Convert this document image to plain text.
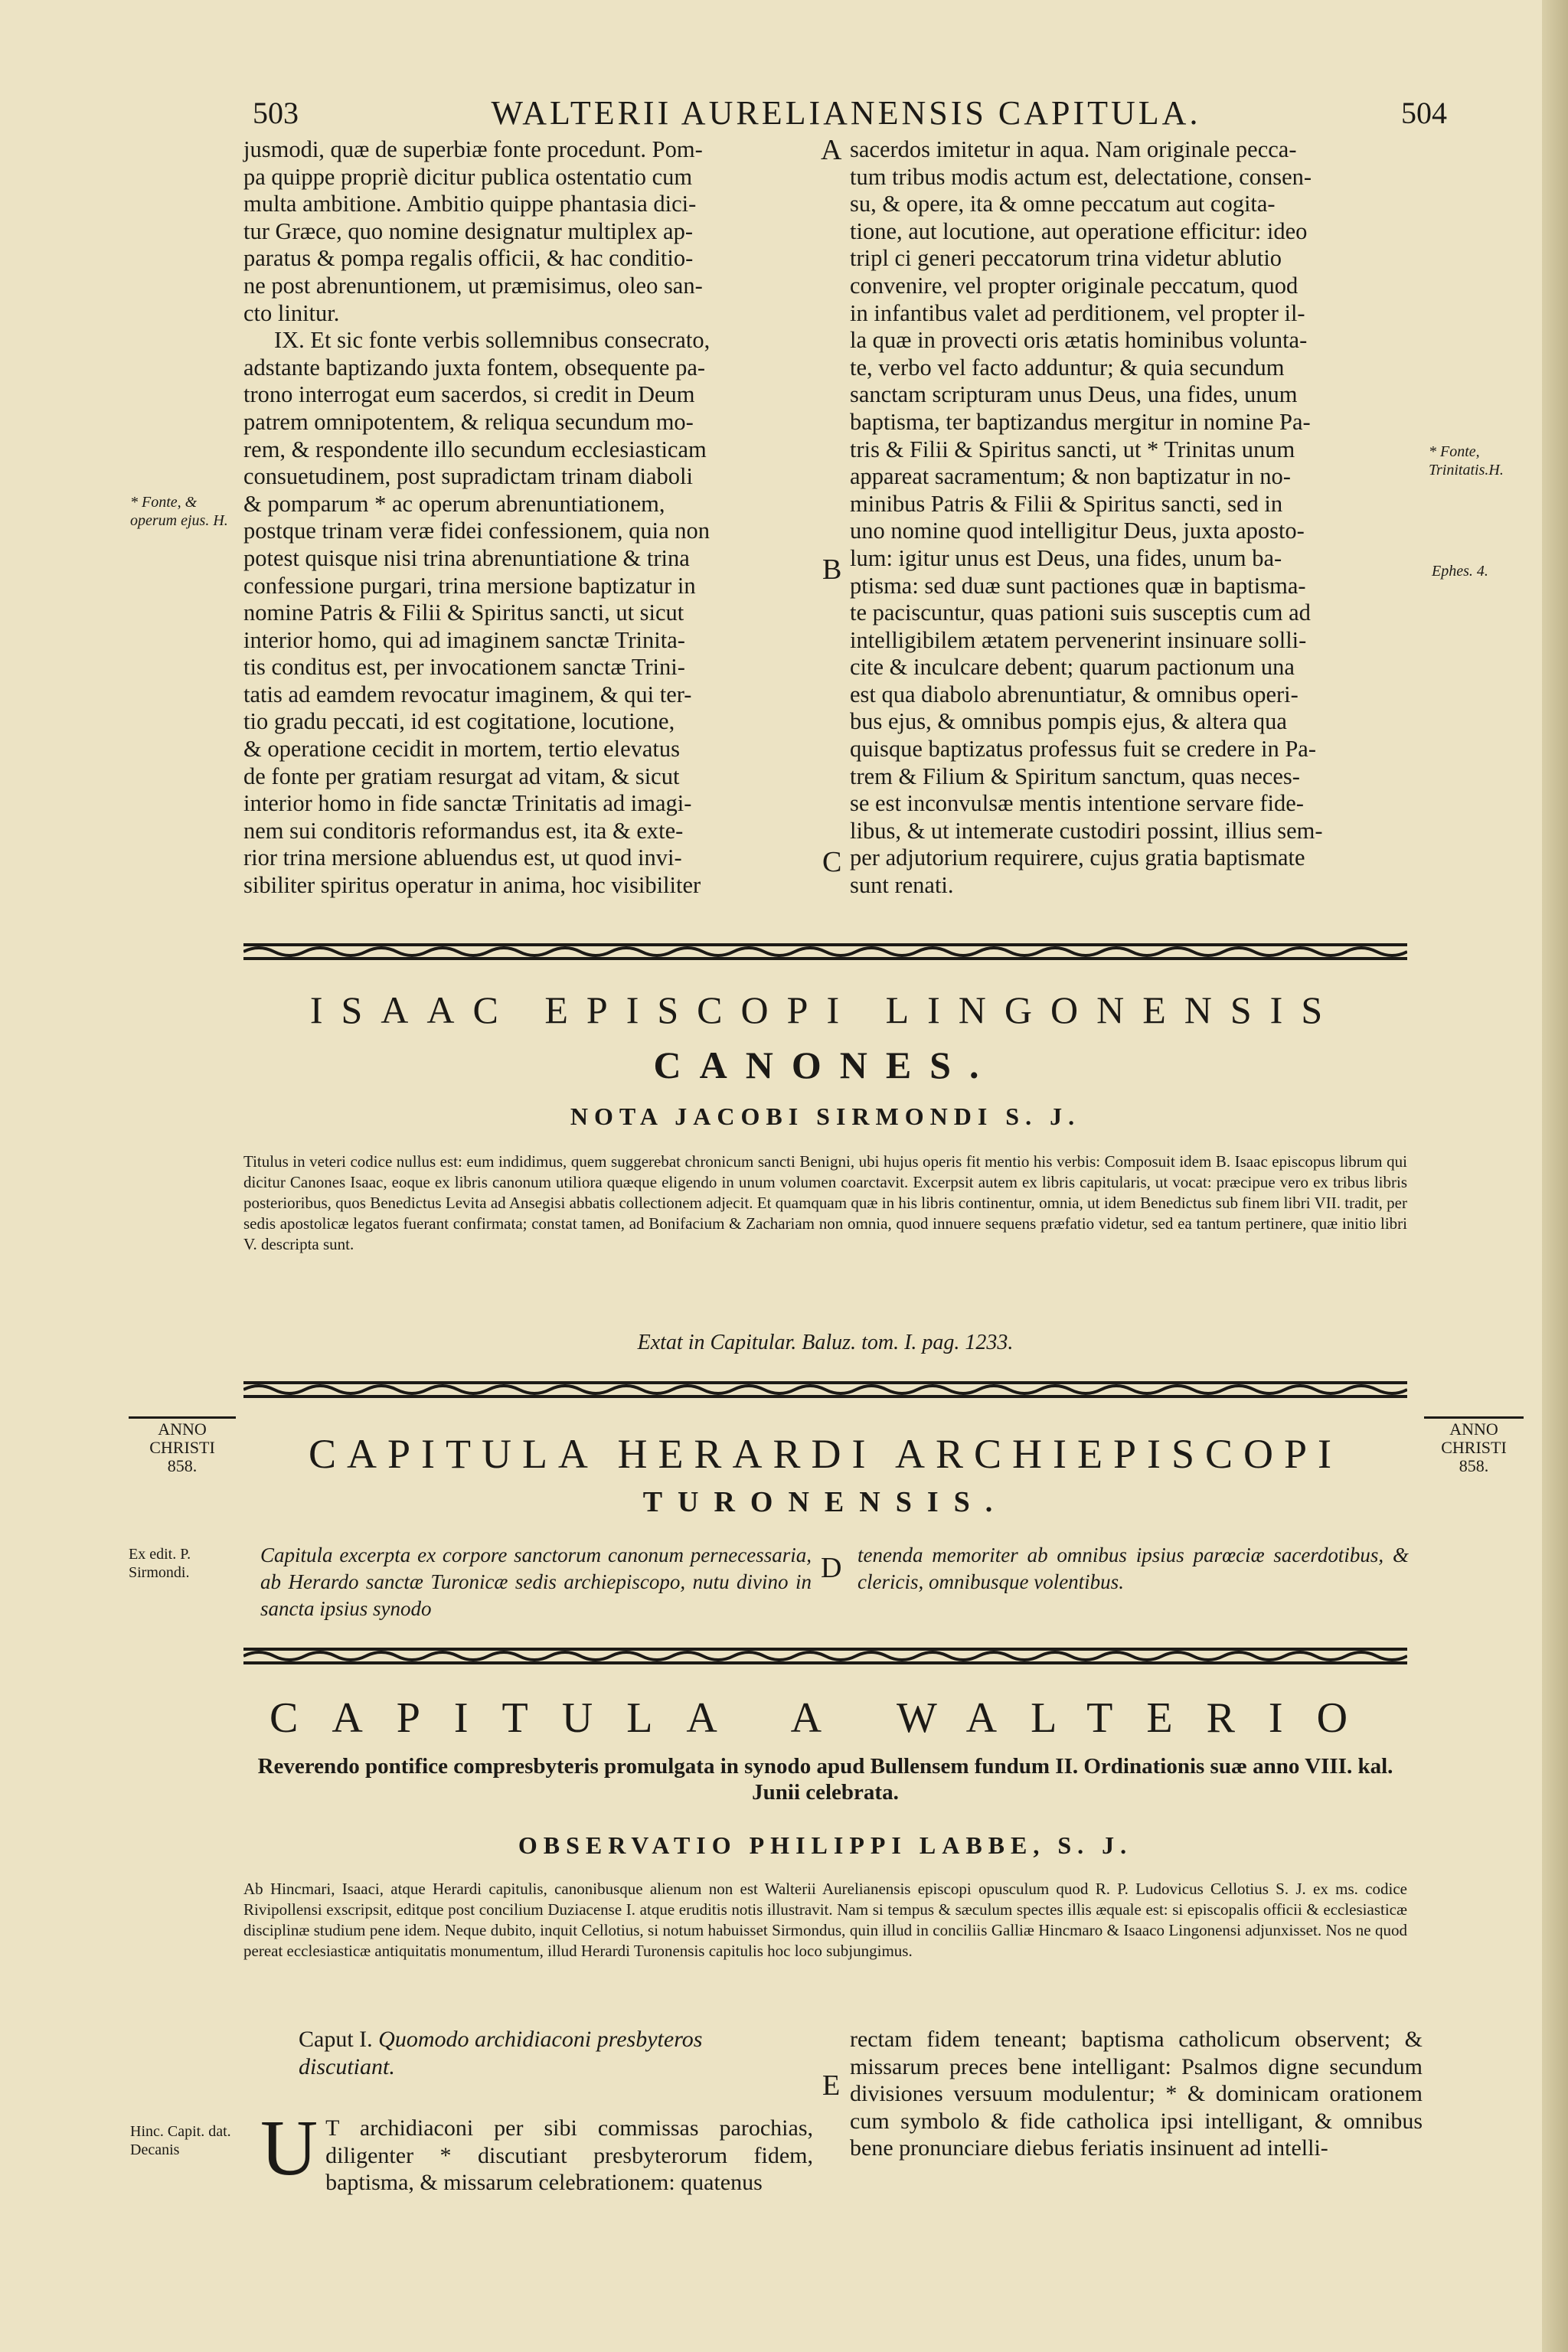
503	WALTERII AURELIANENSIS CAPITULA.	504

jusmodi, quæ de superbiæ fonte procedunt. Pom-

pa quippe propriè dicitur publica ostentatio cum

multa ambitione. Ambitio quippe phantasia dici-

tur Græce, quo nomine designatur multiplex ap-

paratus & pompa regalis officii, & hac conditio-

ne post abrenuntionem, ut præmisimus, oleo san-

cto linitur.

IX. Et sic fonte verbis sollemnibus consecrato,

adstante baptizando juxta fontem, obsequente pa-

trono interrogat eum sacerdos, si credit in Deum

patrem omnipotentem, & reliqua secundum mo-

rem, & respondente illo secundum ecclesiasticam

consuetudinem, post supradictam trinam diaboli

& pomparum * ac operum abrenuntiationem,

postque trinam veræ fidei confessionem, quia non

potest quisque nisi trina abrenuntiatione & trina

confessione purgari, trina mersione baptizatur in

nomine Patris & Filii & Spiritus sancti, ut sicut

interior homo, qui ad imaginem sanctæ Trinita-

tis conditus est, per invocationem sanctæ Trini-

tatis ad eamdem revocatur imaginem, & qui ter-

tio gradu peccati, id est cogitatione, locutione,

& operatione cecidit in mortem, tertio elevatus

de fonte per gratiam resurgat ad vitam, & sicut

interior homo in fide sanctæ Trinitatis ad imagi-

nem sui conditoris reformandus est, ita & exte-

rior trina mersione abluendus est, ut quod invi-

sibiliter spiritus operatur in anima, hoc visibiliter

sacerdos imitetur in aqua. Nam originale pecca-

tum tribus modis actum est, delectatione, consen-

su, & opere, ita & omne peccatum aut cogita-

tione, aut locutione, aut operatione efficitur: ideo

tripl ci generi peccatorum trina videtur ablutio

convenire, vel propter originale peccatum, quod

in infantibus valet ad perditionem, vel propter il-

la quæ in provecti oris ætatis hominibus volunta-

te, verbo vel facto adduntur; & quia secundum

sanctam scripturam unus Deus, una fides, unum

baptisma, ter baptizandus mergitur in nomine Pa-

tris & Filii & Spiritus sancti, ut * Trinitas unum

appareat sacramentum; & non baptizatur in no-

minibus Patris & Filii & Spiritus sancti, sed in

uno nomine quod intelligitur Deus, juxta aposto-

lum: igitur unus est Deus, una fides, unum ba-

ptisma: sed duæ sunt pactiones quæ in baptisma-

te paciscuntur, quas pationi suis susceptis cum ad

intelligibilem ætatem pervenerint insinuare solli-

cite & inculcare debent; quarum pactionum una

est qua diabolo abrenuntiatur, & omnibus operi-

bus ejus, & omnibus pompis ejus, & altera qua

quisque baptizatus professus fuit se credere in Pa-

trem & Filium & Spiritum sanctum, quas neces-

se est inconvulsæ mentis intentione servare fide-

libus, & ut intemerate custodiri possint, illius sem-

per adjutorium requirere, cujus gratia baptismate

sunt renati.

A
B
C
* Fonte, & operum ejus. H.
* Fonte, Trinitatis.H.
Ephes. 4.
ISAAC EPISCOPI LINGONENSIS
CANONES.
NOTA JACOBI SIRMONDI S. J.
Titulus in veteri codice nullus est: eum indidimus, quem suggerebat chronicum sancti Benigni, ubi hujus operis fit mentio his verbis: Composuit idem B. Isaac episcopus librum qui dicitur Canones Isaac, eoque ex libris canonum utiliora quæque eligendo in unum volumen coarctavit. Excerpsit autem ex libris capitularis, ut vocat: præcipue vero ex tribus libris posterioribus, quos Benedictus Levita ad Ansegisi abbatis collectionem adjecit. Et quamquam quæ in his libris continentur, omnia, ut idem Benedictus sub finem libri VII. tradit, per sedis apostolicæ legatos fuerant confirmata; constat tamen, ad Bonifacium & Zachariam non omnia, quod innuere sequens præfatio videtur, sed ea tantum pertinere, quæ initio libri V. descripta sunt.
Extat in Capitular. Baluz. tom. I. pag. 1233.
ANNO
CHRISTI
858.
ANNO
CHRISTI
858.
CAPITULA HERARDI ARCHIEPISCOPI
TURONENSIS.
Ex edit. P. Sirmondi.
Capitula excerpta ex corpore sanctorum canonum pernecessaria, ab Herardo sanctæ Turonicæ sedis archiepiscopo, nutu divino in sancta ipsius synodo
D tenenda memoriter ab omnibus ipsius parœciæ sacerdotibus, & clericis, omnibusque volentibus.
CAPITULA A WALTERIO
Reverendo pontifice compresbyteris promulgata in synodo apud Bullensem fundum II. Ordinationis suæ anno VIII. kal. Junii celebrata.
OBSERVATIO PHILIPPI LABBE, S. J.
Ab Hincmari, Isaaci, atque Herardi capitulis, canonibusque alienum non est Walterii Aurelianensis episcopi opusculum quod R. P. Ludovicus Cellotius S. J. ex ms. codice Rivipollensi exscripsit, editque post concilium Duziacense I. atque eruditis notis illustravit. Nam si tempus & sæculum spectes illis æquale est: si episcopalis officii & ecclesiasticæ disciplinæ studium pene idem. Neque dubito, inquit Cellotius, si notum habuisset Sirmondus, quin illud in conciliis Galliæ Hincmaro & Isaaco Lingonensi adjunxisset. Nos ne quod pereat ecclesiasticæ antiquitatis monumentum, illud Herardi Turonensis capitulis hoc loco subjungimus.
Caput I. Quomodo archidiaconi presbyteros discutiant.
Hinc. Capit. dat. Decanis	U T archidiaconi per sibi commissas parochias, diligenter * discutiant presbyterorum fidem, baptisma, & missarum celebrationem: quatenus
E
rectam fidem teneant; baptisma catholicum observent; & missarum preces bene intelligant: Psalmos digne secundum divisiones versuum modulentur; * & dominicam orationem cum symbolo & fide catholica ipsi intelligant, & omnibus bene pronunciare diebus feriatis insinuent ad intelli-
